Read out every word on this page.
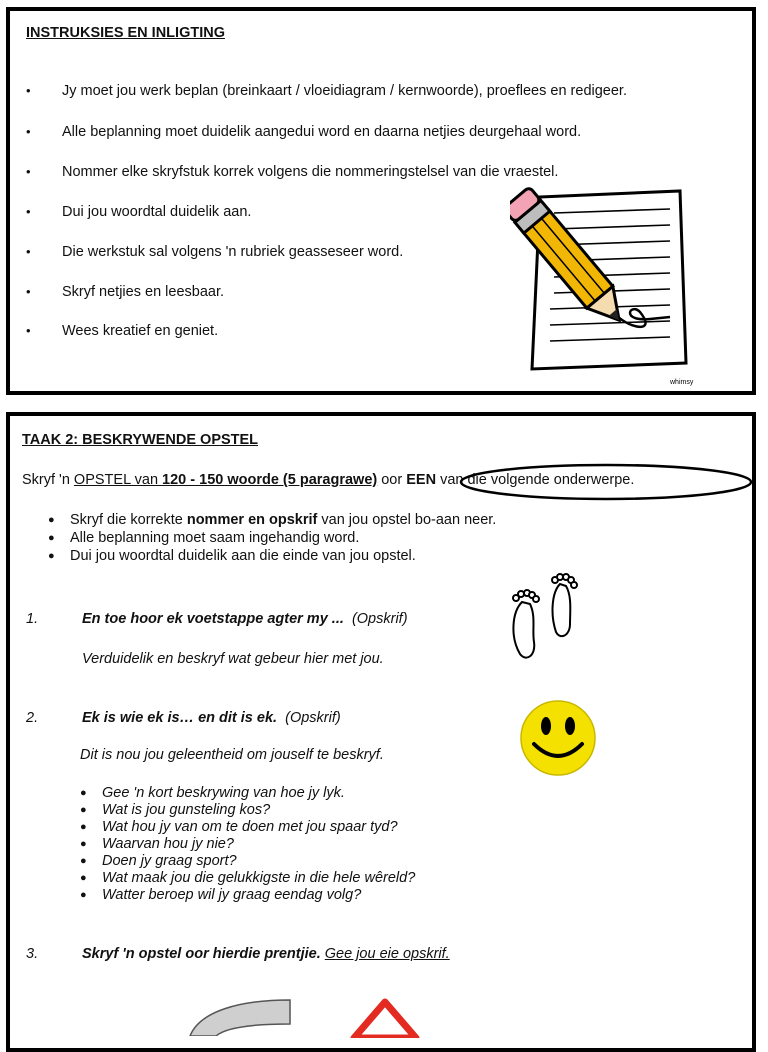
INSTRUKSIES EN INLIGTING
• Jy moet jou werk beplan (breinkaart / vloeidiagram / kernwoorde), proeflees en redigeer.
• Alle beplanning moet duidelik aangedui word en daarna netjies deurgehaal word.
• Nommer elke skryfstuk korrek volgens die nommeringstelsel van die vraestel.
• Dui jou woordtal duidelik aan.
• Die werkstuk sal volgens 'n rubriek geasseseer word.
• Skryf netjies en leesbaar.
• Wees kreatief en geniet.
whimsy
TAAK 2: BESKRYWENDE OPSTEL
Skryf 'n OPSTEL van 120 - 150 woorde (5 paragrawe) oor EEN van die volgende onderwerpe.
● Skryf die korrekte nommer en opskrif van jou opstel bo-aan neer.
● Alle beplanning moet saam ingehandig word.
● Dui jou woordtal duidelik aan die einde van jou opstel.
1.	En toe hoor ek voetstappe agter my ... (Opskrif)
Verduidelik en beskryf wat gebeur hier met jou.
2.	Ek is wie ek is… en dit is ek. (Opskrif)
Dit is nou jou geleentheid om jouself te beskryf.
● Gee 'n kort beskrywing van hoe jy lyk.
● Wat is jou gunsteling kos?
● Wat hou jy van om te doen met jou spaar tyd?
● Waarvan hou jy nie?
● Doen jy graag sport?
● Wat maak jou die gelukkigste in die hele wêreld?
● Watter beroep wil jy graag eendag volg?
3.	Skryf 'n opstel oor hierdie prentjie. Gee jou eie opskrif.
